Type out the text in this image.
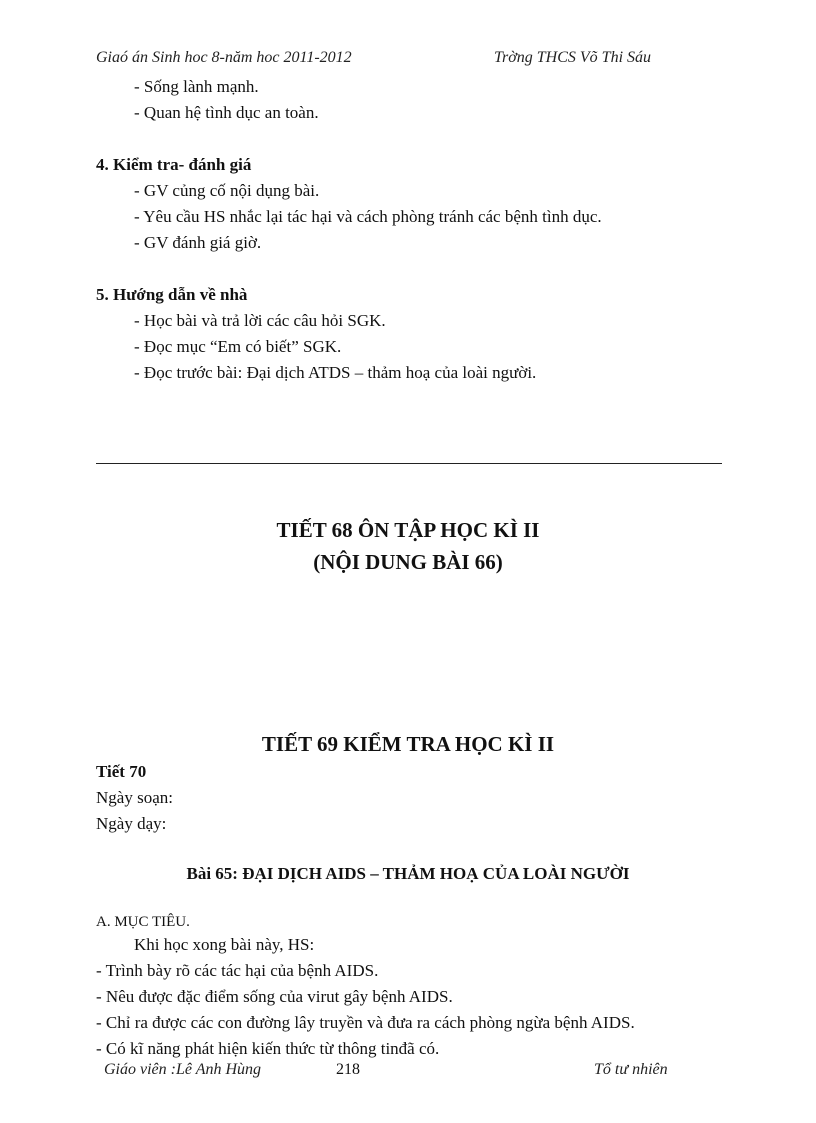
Giaó án Sinh hoc 8-năm hoc 2011-2012	Trờng THCS Võ Thi Sáu
- Sống lành mạnh.
- Quan hệ tình dục an toàn.
4. Kiểm tra- đánh giá
- GV củng cố nội dụng bài.
- Yêu cầu HS nhắc lại tác hại và cách phòng tránh các bệnh tình dục.
- GV đánh giá giờ.
5. Hướng dẫn về nhà
- Học bài và trả lời các câu hỏi SGK.
- Đọc mục “Em có biết” SGK.
- Đọc trước bài: Đại dịch ATDS – thảm hoạ của loài người.
TIẾT 68 ÔN TẬP HỌC KÌ II
(NỘI DUNG BÀI 66)
TIẾT 69 KIỂM TRA HỌC KÌ II
Tiết 70
Ngày soạn:
Ngày dạy:
Bài 65: ĐẠI DỊCH AIDS – THẢM HOẠ CỦA LOÀI NGƯỜI
A. MỤC TIÊU.
Khi học xong bài này, HS:
- Trình bày rõ các tác hại của bệnh AIDS.
- Nêu được đặc điểm sống của virut gây bệnh AIDS.
- Chỉ ra được các con đường lây truyền và đưa ra cách phòng ngừa bệnh AIDS.
- Có kĩ năng phát hiện kiến thức từ thông tinđã có.
Giáo viên :Lê Anh Hùng	218	Tổ tư nhiên
